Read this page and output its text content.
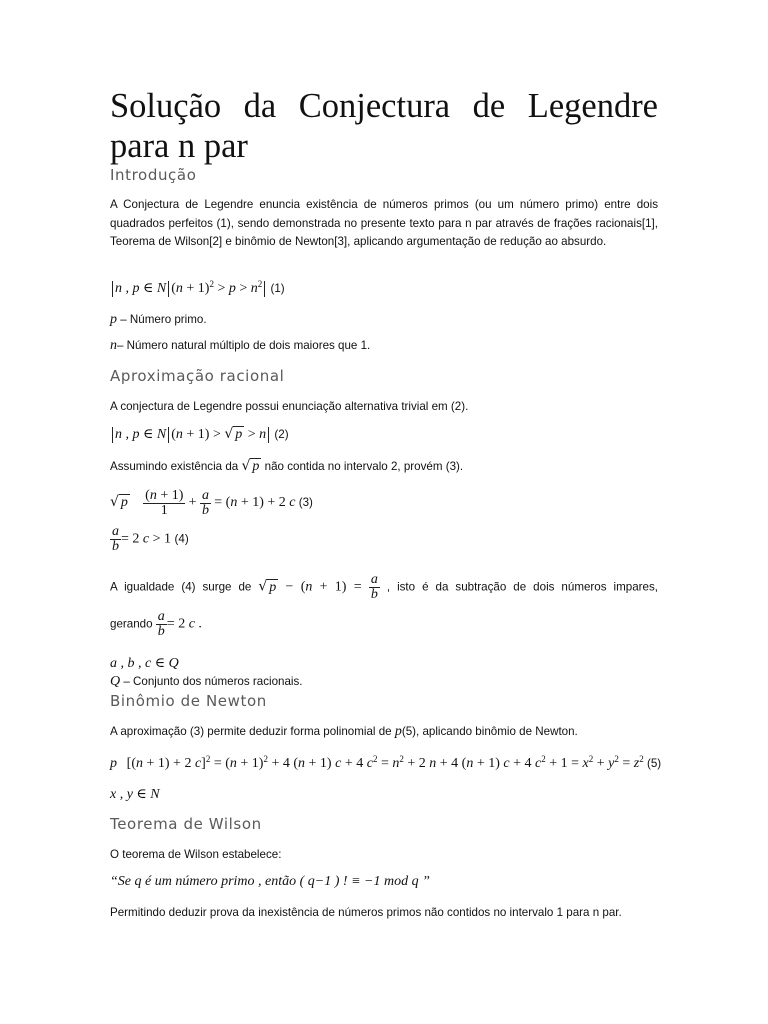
Solução da Conjectura de Legendre para n par
Introdução

A Conjectura de Legendre enuncia existência de números primos (ou um número primo) entre dois quadrados perfeitos (1), sendo demonstrada no presente texto para n par através de frações racionais[1], Teorema de Wilson[2] e binômio de Newton[3], aplicando argumentação de redução ao absurdo.

n , p ∈ N $(n + 1)^2 > p > n^2$ (1)
p – Número primo.
n– Número natural múltiplo de dois maiores que 1.
Aproximação racional
A conjectura de Legendre possui enunciação alternativa trivial em (2).
n , p ∈ N (n + 1) > √ p > n (2)
Assumindo existência da √ p não contida no intervalo 2, provém (3).
√ p $\frac{(n + 1)}{1} + \frac{a}{b} = (n + 1) + 2$ c (3)
$\frac{a}{b} = 2$ c > 1 (4)
A igualdade (4) surge de √ $p - (n + 1) = \frac{a}{b}$ , isto é da subtração de dois números impares,
gerando $\frac{a}{b} = 2$ c .
a , b , c ∈ Q
Q – Conjunto dos números racionais.
Binômio de Newton
A aproximação (3) permite deduzir forma polinomial de p(5), aplicando binômio de Newton.
p [(n + 1) + 2 $c]^2 = (n + 1)^2 + 4$ (n + 1) c + 4 $c^2 = n^2 + 2$ n + 4 (n + 1) c + 4 $c^2 + 1 = x^2 + y^2 = z^2$ (5)
x , y ∈ N
Teorema de Wilson
O teorema de Wilson estabelece:
“Se q é um número primo , então ( q−1 ) ! ≡ −1 mod q ”

Permitindo deduzir prova da inexistência de números primos não contidos no intervalo 1 para n par.
